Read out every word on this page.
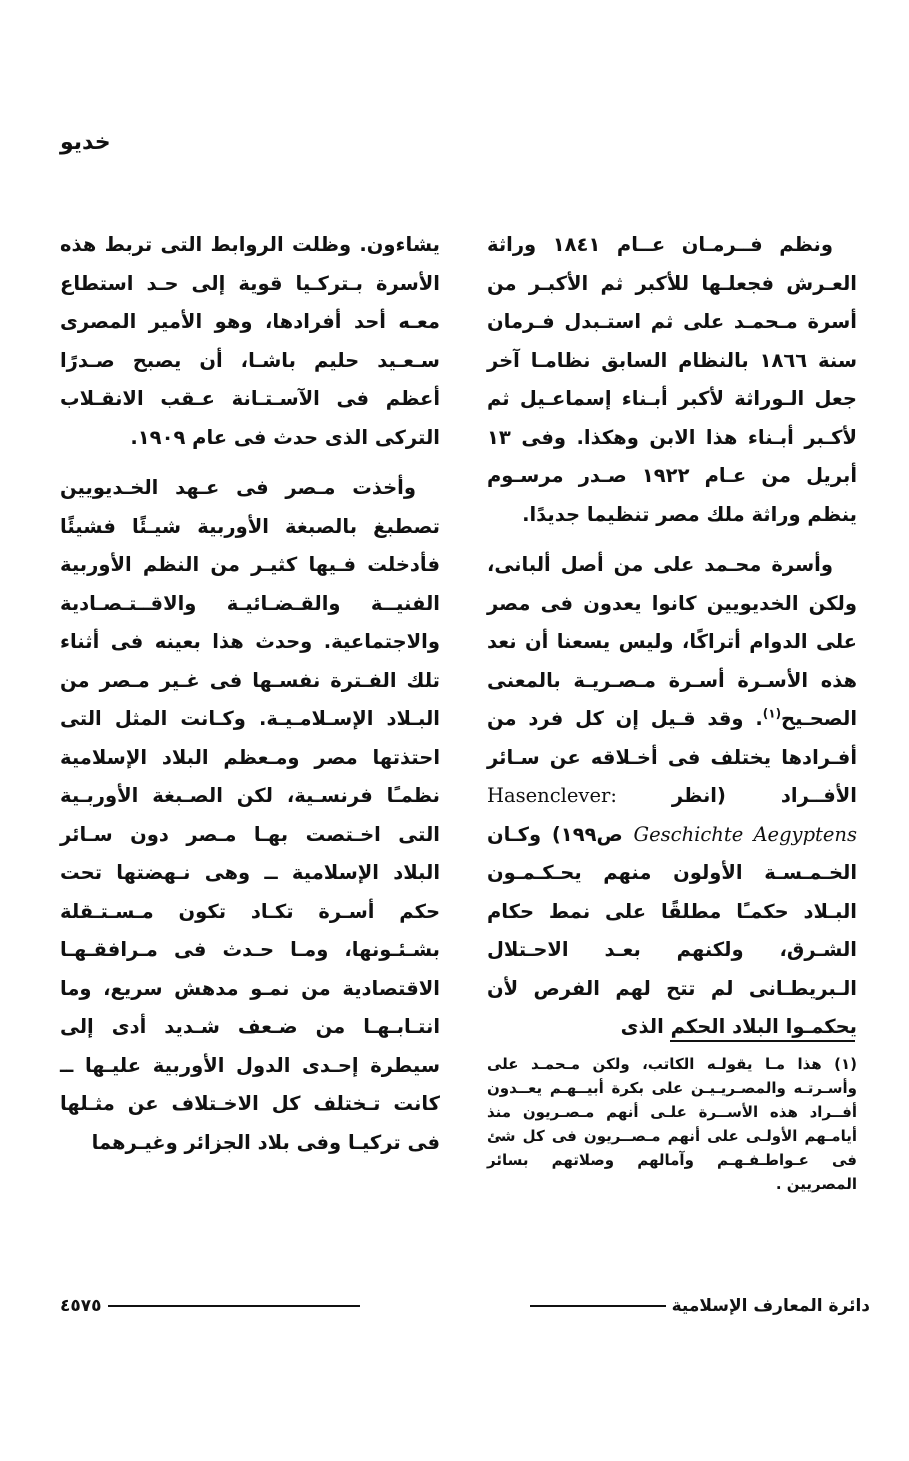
خديو

ونظم فــرمـان عــام ١٨٤١ وراثة العـرش فجعلـها للأكبر ثم الأكبـر من أسرة مـحمـد على ثم استـبدل فـرمان سنة ١٨٦٦ بالنظام السابق نظامـا آخر جعل الـوراثة لأكبر أبـناء إسماعـيل ثم لأكـبر أبـناء هذا الابن وهكذا. وفى ١٣ أبريل من عـام ١٩٢٢ صـدر مرسـوم ينظم وراثة ملك مصر تنظيما جديدًا.

وأسرة محـمد على من أصل ألبانى، ولكن الخديويين كانوا يعدون فى مصر على الدوام أتراكًا، وليس يسعنا أن نعد هذه الأسـرة أسـرة مـصـريـة بالمعنى الصحـيح$^{(١)}$. وقد قـيل إن كل فرد من أفـرادها يختلف فى أخـلاقه عن سـائر الأفــراد (انظر Hasenclever: Geschichte Aegyptens ص١٩٩) وكـان الخـمـسـة الأولون منهم يحـكـمـون البـلاد حكمـًا مطلقًا على نمط حكام الشـرق، ولكنهم بعـد الاحـتلال الـبريطـانى لم تتح لهم الفرص لأن يحكمـوا البلاد الحكم الذى

يشاءون. وظلت الروابط التى تربط هذه الأسرة بـتركـيا قوية إلى حـد استطاع معـه أحد أفرادها، وهو الأمير المصرى سـعـيد حليم باشـا، أن يصبح صـدرًا أعظم فى الآسـتـانة عـقب الانقـلاب التركى الذى حدث فى عام ١٩٠٩.

وأخذت مـصر فى عـهد الخـديويين تصطبغ بالصبغة الأوربية شيـئًا فشيئًا فأدخلت فـيها كثيـر من النظم الأوربية الفنيــة والقـضـائيـة والاقــتـصـادية والاجتماعية. وحدث هذا بعينه فى أثناء تلك الفـترة نفسـها فى غـير مـصر من البـلاد الإسـلامـيـة. وكـانت المثل التى احتذتها مصر ومـعظم البلاد الإسلامية نظمـًا فرنسـية، لكن الصـبغة الأوربـية التى اخـتصت بهـا مـصر دون سـائر البلاد الإسلامية ــ وهى نـهضتها تحت حكم أسـرة تكـاد تكون مـسـتـقلة بشـئـونها، ومـا حـدث فى مـرافقـهـا الاقتصادية من نمـو مدهش سريع، وما انتـابـهـا من ضـعف شـديد أدى إلى سيطرة إحـدى الدول الأوربية عليـها ــ كانت تـختلف كل الاخـتلاف عن مثـلها فى تركيـا وفى بلاد الجزائر وغيـرهما

(١) هذا مـا يقولـه الكاتب، ولكن مـحمـد على وأسـرتـه والمصـريـيـن على بكرة أبيــهـم يعــدون أفــراد هذه الأســرة علـى أنهم مـصـريون منذ أيامـهم الأولـى على أنهم مـصــريون فى كل شئ فى عـواطـفـهـم وآمالهم وصلاتهم بسائر المصريين .
٤٥٧٥	دائرة المعارف الإسلامية
